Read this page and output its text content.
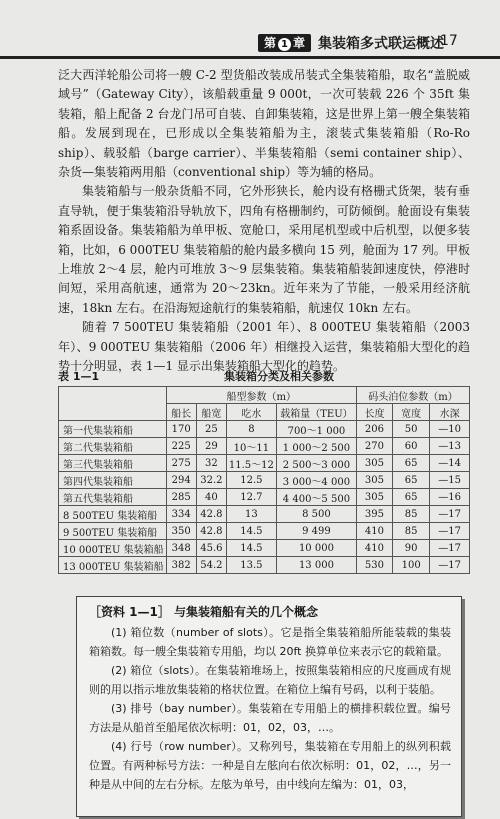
第 1 章 集装箱多式联运概述
17

泛大西洋轮船公司将一艘 C-2 型货船改装成吊装式全集装箱船，取名“盖脱威域号”（Gateway City），该船载重量 9 000t，一次可装载 226 个 35ft 集装箱，船上配备 2 台龙门吊可自装、自卸集装箱，这是世界上第一艘全集装箱船。发展到现在，已形成以全集装箱船为主，滚装式集装箱船（Ro-Ro ship）、载驳船（barge carrier）、半集装箱船（semi container ship）、杂货—集装箱两用船（conventional ship）等为辅的格局。

集装箱船与一般杂货船不同，它外形狭长，舱内设有格栅式货架，装有垂直导轨，便于集装箱沿导轨放下，四角有格栅制约，可防倾倒。舱面设有集装箱系固设备。集装箱船为单甲板、宽舱口，采用尾机型或中后机型，以便多装箱，比如，6 000TEU 集装箱船的舱内最多横向 15 列，舱面为 17 列。甲板上堆放 2～4 层，舱内可堆放 3～9 层集装箱。集装箱船装卸速度快，停港时间短，采用高航速，通常为 20～23kn。近年来为了节能，一般采用经济航速，18kn 左右。在沿海短途航行的集装箱船，航速仅 10kn 左右。

随着 7 500TEU 集装箱船（2001 年）、8 000TEU 集装箱船（2003 年）、9 000TEU 集装箱船（2006 年）相继投入运营，集装箱船大型化的趋势十分明显，表 1—1 显示出集装箱船大型化的趋势。

表 1—1	集装箱分类及相关参数
	船型参数（m）				码头泊位参数（m）		
	船长	船宽	吃水	载箱量（TEU）	长度	宽度	水深
第一代集装箱船	170	25	8	700～1 000	206	50	—10
第二代集装箱船	225	29	10～11	1 000～2 500	270	60	—13
第三代集装箱船	275	32	11.5～12	2 500～3 000	305	65	—14
第四代集装箱船	294	32.2	12.5	3 000～4 000	305	65	—15
第五代集装箱船	285	40	12.7	4 400～5 500	305	65	—16
8 500TEU 集装箱船	334	42.8	13	8 500	395	85	—17
9 500TEU 集装箱船	350	42.8	14.5	9 499	410	85	—17
10 000TEU 集装箱船	348	45.6	14.5	10 000	410	90	—17
13 000TEU 集装箱船	382	54.2	13.5	13 000	530	100	—17
［资料 1—1］ 与集装箱船有关的几个概念

(1) 箱位数（number of slots）。它是指全集装箱船所能装载的集装箱箱数。每一艘全集装箱专用船，均以 20ft 换算单位来表示它的载箱量。

(2) 箱位（slots）。在集装箱堆场上，按照集装箱相应的尺度画成有规则的用以指示堆放集装箱的格状位置。在箱位上编有号码，以利于装船。

(3) 排号（bay number）。集装箱在专用船上的横排积载位置。编号方法是从船首至船尾依次标明：01，02，03，…。

(4) 行号（row number）。又称列号，集装箱在专用船上的纵列积载位置。有两种标号方法：一种是自左舷向右依次标明：01，02，…，另一种是从中间的左右分标。左舷为单号，由中线向左编为：01，03，
